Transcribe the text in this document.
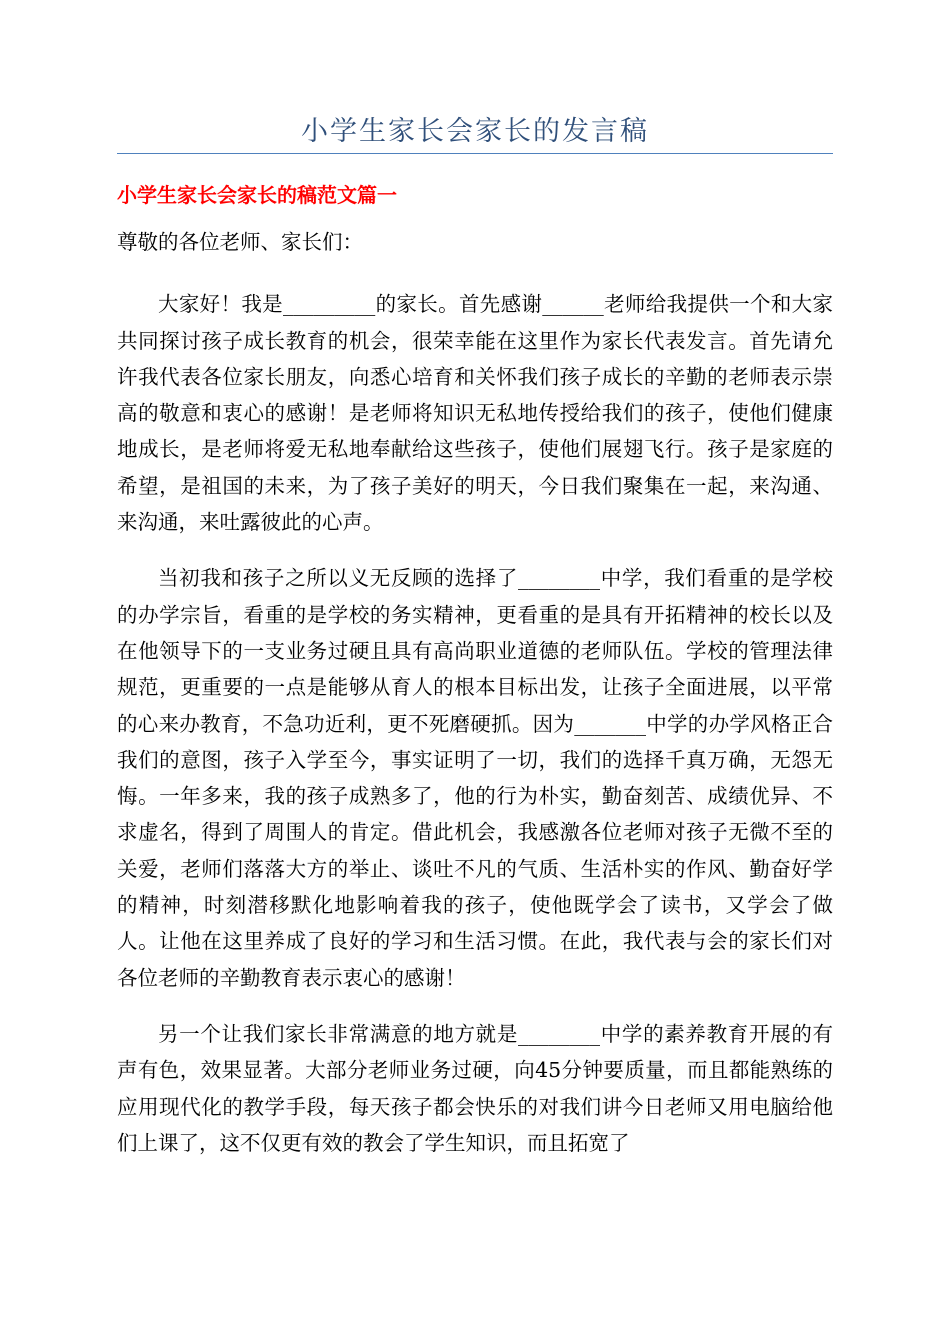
小学生家长会家长的发言稿
小学生家长会家长的稿范文篇一

尊敬的各位老师、家长们：

大家好！我是_________的家长。首先感谢______老师给我提供一个和大家共同探讨孩子成长教育的机会，很荣幸能在这里作为家长代表发言。首先请允许我代表各位家长朋友，向悉心培育和关怀我们孩子成长的辛勤的老师表示崇高的敬意和衷心的感谢！是老师将知识无私地传授给我们的孩子，使他们健康地成长，是老师将爱无私地奉献给这些孩子，使他们展翅飞行。孩子是家庭的希望，是祖国的未来，为了孩子美好的明天，今日我们聚集在一起，来沟通、来沟通，来吐露彼此的心声。

当初我和孩子之所以义无反顾的选择了________中学，我们看重的是学校的办学宗旨，看重的是学校的务实精神，更看重的是具有开拓精神的校长以及在他领导下的一支业务过硬且具有高尚职业道德的老师队伍。学校的管理法律规范，更重要的一点是能够从育人的根本目标出发，让孩子全面进展，以平常的心来办教育，不急功近利，更不死磨硬抓。因为_______中学的办学风格正合我们的意图，孩子入学至今，事实证明了一切，我们的选择千真万确，无怨无悔。一年多来，我的孩子成熟多了，他的行为朴实，勤奋刻苦、成绩优异、不求虚名，得到了周围人的肯定。借此机会，我感激各位老师对孩子无微不至的关爱，老师们落落大方的举止、谈吐不凡的气质、生活朴实的作风、勤奋好学的精神，时刻潜移默化地影响着我的孩子，使他既学会了读书，又学会了做人。让他在这里养成了良好的学习和生活习惯。在此，我代表与会的家长们对各位老师的辛勤教育表示衷心的感谢！

另一个让我们家长非常满意的地方就是________中学的素养教育开展的有声有色，效果显著。大部分老师业务过硬，向45分钟要质量，而且都能熟练的应用现代化的教学手段，每天孩子都会快乐的对我们讲今日老师又用电脑给他们上课了，这不仅更有效的教会了学生知识，而且拓宽了
